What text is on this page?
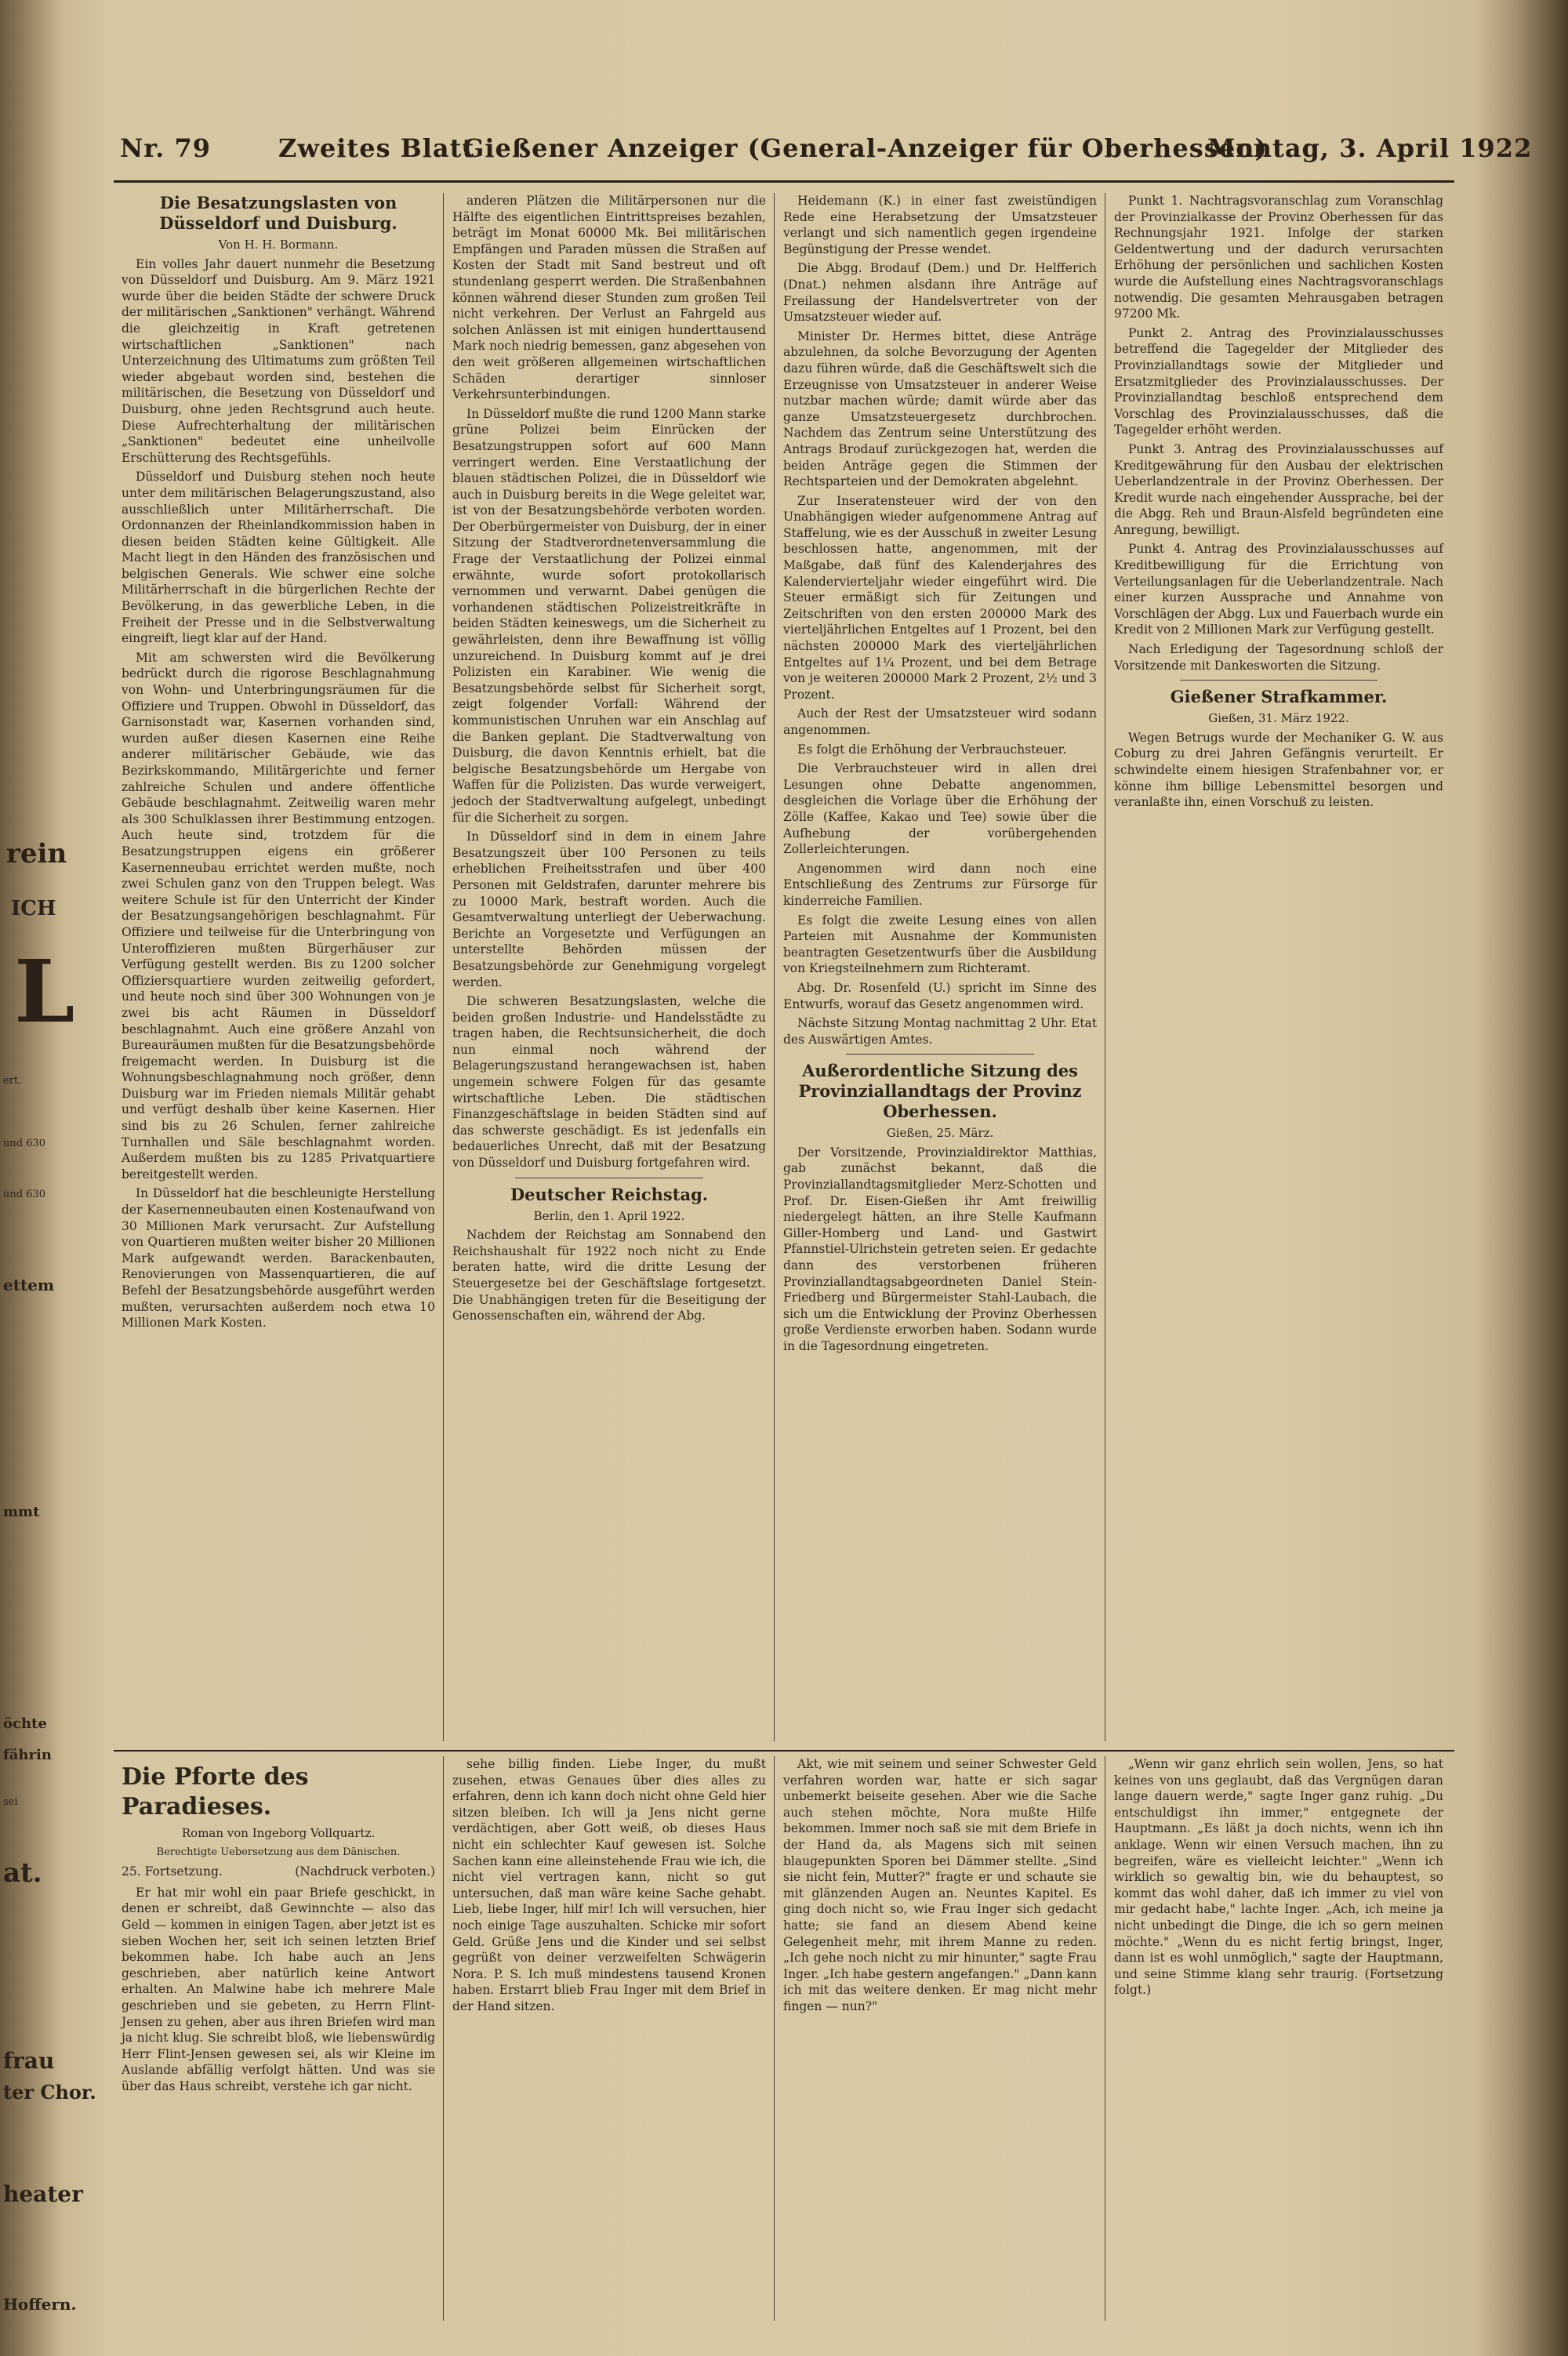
rein
ICH
L
ert.
und 630
und 630
ettem
mmt
öchte
fährin
sei
at.
frau
ter Chor.
heater
Hoffern.
Nr. 79	Zweites Blatt
Gießener Anzeiger (General-Anzeiger für Oberhessen)
Montag, 3. April 1922

Die Besatzungslasten von Düsseldorf und Duisburg.

Von H. H. Bormann.

Ein volles Jahr dauert nunmehr die Besetzung von Düsseldorf und Duisburg. Am 9. März 1921 wurde über die beiden Städte der schwere Druck der militärischen „Sanktionen" verhängt. Während die gleichzeitig in Kraft getretenen wirtschaftlichen „Sanktionen" nach Unterzeichnung des Ultimatums zum größten Teil wieder abgebaut worden sind, bestehen die militärischen, die Besetzung von Düsseldorf und Duisburg, ohne jeden Rechtsgrund auch heute. Diese Aufrechterhaltung der militärischen „Sanktionen" bedeutet eine unheilvolle Erschütterung des Rechtsgefühls.

Düsseldorf und Duisburg stehen noch heute unter dem militärischen Belagerungszustand, also ausschließlich unter Militärherrschaft. Die Ordonnanzen der Rheinlandkommission haben in diesen beiden Städten keine Gültigkeit. Alle Macht liegt in den Händen des französischen und belgischen Generals. Wie schwer eine solche Militärherrschaft in die bürgerlichen Rechte der Bevölkerung, in das gewerbliche Leben, in die Freiheit der Presse und in die Selbstverwaltung eingreift, liegt klar auf der Hand.

Mit am schwersten wird die Bevölkerung bedrückt durch die rigorose Beschlagnahmung von Wohn- und Unterbringungsräumen für die Offiziere und Truppen. Obwohl in Düsseldorf, das Garnisonstadt war, Kasernen vorhanden sind, wurden außer diesen Kasernen eine Reihe anderer militärischer Gebäude, wie das Bezirkskommando, Militärgerichte und ferner zahlreiche Schulen und andere öffentliche Gebäude beschlagnahmt. Zeitweilig waren mehr als 300 Schulklassen ihrer Bestimmung entzogen. Auch heute sind, trotzdem für die Besatzungstruppen eigens ein größerer Kasernenneubau errichtet werden mußte, noch zwei Schulen ganz von den Truppen belegt. Was weitere Schule ist für den Unterricht der Kinder der Besatzungsangehörigen beschlagnahmt. Für Offiziere und teilweise für die Unterbringung von Unteroffizieren mußten Bürgerhäuser zur Verfügung gestellt werden. Bis zu 1200 solcher Offiziersquartiere wurden zeitweilig gefordert, und heute noch sind über 300 Wohnungen von je zwei bis acht Räumen in Düsseldorf beschlagnahmt. Auch eine größere Anzahl von Bureauräumen mußten für die Besatzungsbehörde freigemacht werden. In Duisburg ist die Wohnungsbeschlagnahmung noch größer, denn Duisburg war im Frieden niemals Militär gehabt und verfügt deshalb über keine Kasernen. Hier sind bis zu 26 Schulen, ferner zahlreiche Turnhallen und Säle beschlagnahmt worden. Außerdem mußten bis zu 1285 Privatquartiere bereitgestellt werden.

In Düsseldorf hat die beschleunigte Herstellung der Kasernenneubauten einen Kostenaufwand von 30 Millionen Mark verursacht. Zur Aufstellung von Quartieren mußten weiter bisher 20 Millionen Mark aufgewandt werden. Barackenbauten, Renovierungen von Massenquartieren, die auf Befehl der Besatzungsbehörde ausgeführt werden mußten, verursachten außerdem noch etwa 10 Millionen Mark Kosten.

anderen Plätzen die Militärpersonen nur die Hälfte des eigentlichen Eintrittspreises bezahlen, beträgt im Monat 60000 Mk. Bei militärischen Empfängen und Paraden müssen die Straßen auf Kosten der Stadt mit Sand bestreut und oft stundenlang gesperrt werden. Die Straßenbahnen können während dieser Stunden zum großen Teil nicht verkehren. Der Verlust an Fahrgeld aus solchen Anlässen ist mit einigen hunderttausend Mark noch niedrig bemessen, ganz abgesehen von den weit größeren allgemeinen wirtschaftlichen Schäden derartiger sinnloser Verkehrsunterbindungen.

In Düsseldorf mußte die rund 1200 Mann starke grüne Polizei beim Einrücken der Besatzungstruppen sofort auf 600 Mann verringert werden. Eine Verstaatlichung der blauen städtischen Polizei, die in Düsseldorf wie auch in Duisburg bereits in die Wege geleitet war, ist von der Besatzungsbehörde verboten worden. Der Oberbürgermeister von Duisburg, der in einer Sitzung der Stadtverordnetenversammlung die Frage der Verstaatlichung der Polizei einmal erwähnte, wurde sofort protokollarisch vernommen und verwarnt. Dabei genügen die vorhandenen städtischen Polizeistreitkräfte in beiden Städten keineswegs, um die Sicherheit zu gewährleisten, denn ihre Bewaffnung ist völlig unzureichend. In Duisburg kommt auf je drei Polizisten ein Karabiner. Wie wenig die Besatzungsbehörde selbst für Sicherheit sorgt, zeigt folgender Vorfall: Während der kommunistischen Unruhen war ein Anschlag auf die Banken geplant. Die Stadtverwaltung von Duisburg, die davon Kenntnis erhielt, bat die belgische Besatzungsbehörde um Hergabe von Waffen für die Polizisten. Das wurde verweigert, jedoch der Stadtverwaltung aufgelegt, unbedingt für die Sicherheit zu sorgen.

In Düsseldorf sind in dem in einem Jahre Besatzungszeit über 100 Personen zu teils erheblichen Freiheitsstrafen und über 400 Personen mit Geldstrafen, darunter mehrere bis zu 10000 Mark, bestraft worden. Auch die Gesamtverwaltung unterliegt der Ueberwachung. Berichte an Vorgesetzte und Verfügungen an unterstellte Behörden müssen der Besatzungsbehörde zur Genehmigung vorgelegt werden.

Die schweren Besatzungslasten, welche die beiden großen Industrie- und Handelsstädte zu tragen haben, die Rechtsunsicherheit, die doch nun einmal noch während der Belagerungszustand herangewachsen ist, haben ungemein schwere Folgen für das gesamte wirtschaftliche Leben. Die städtischen Finanzgeschäftslage in beiden Städten sind auf das schwerste geschädigt. Es ist jedenfalls ein bedauerliches Unrecht, daß mit der Besatzung von Düsseldorf und Duisburg fortgefahren wird.

Deutscher Reichstag.

Berlin, den 1. April 1922.

Nachdem der Reichstag am Sonnabend den Reichshaushalt für 1922 noch nicht zu Ende beraten hatte, wird die dritte Lesung der Steuergesetze bei der Geschäftslage fortgesetzt. Die Unabhängigen treten für die Beseitigung der Genossenschaften ein, während der Abg.

Heidemann (K.) in einer fast zweistündigen Rede eine Herabsetzung der Umsatzsteuer verlangt und sich namentlich gegen irgendeine Begünstigung der Presse wendet.

Die Abgg. Brodauf (Dem.) und Dr. Helfferich (Dnat.) nehmen alsdann ihre Anträge auf Freilassung der Handelsvertreter von der Umsatzsteuer wieder auf.

Minister Dr. Hermes bittet, diese Anträge abzulehnen, da solche Bevorzugung der Agenten dazu führen würde, daß die Geschäftswelt sich die Erzeugnisse von Umsatzsteuer in anderer Weise nutzbar machen würde; damit würde aber das ganze Umsatzsteuergesetz durchbrochen. Nachdem das Zentrum seine Unterstützung des Antrags Brodauf zurückgezogen hat, werden die beiden Anträge gegen die Stimmen der Rechtsparteien und der Demokraten abgelehnt.

Zur Inseratensteuer wird der von den Unabhängigen wieder aufgenommene Antrag auf Staffelung, wie es der Ausschuß in zweiter Lesung beschlossen hatte, angenommen, mit der Maßgabe, daß fünf des Kalenderjahres des Kalendervierteljahr wieder eingeführt wird. Die Steuer ermäßigt sich für Zeitungen und Zeitschriften von den ersten 200000 Mark des vierteljährlichen Entgeltes auf 1 Prozent, bei den nächsten 200000 Mark des vierteljährlichen Entgeltes auf 1¼ Prozent, und bei dem Betrage von je weiteren 200000 Mark 2 Prozent, 2½ und 3 Prozent.

Auch der Rest der Umsatzsteuer wird sodann angenommen.

Es folgt die Erhöhung der Verbrauchsteuer.

Die Verbrauchsteuer wird in allen drei Lesungen ohne Debatte angenommen, desgleichen die Vorlage über die Erhöhung der Zölle (Kaffee, Kakao und Tee) sowie über die Aufhebung der vorübergehenden Zollerleichterungen.

Angenommen wird dann noch eine Entschließung des Zentrums zur Fürsorge für kinderreiche Familien.

Es folgt die zweite Lesung eines von allen Parteien mit Ausnahme der Kommunisten beantragten Gesetzentwurfs über die Ausbildung von Kriegsteilnehmern zum Richteramt.

Abg. Dr. Rosenfeld (U.) spricht im Sinne des Entwurfs, worauf das Gesetz angenommen wird.

Nächste Sitzung Montag nachmittag 2 Uhr. Etat des Auswärtigen Amtes.

Außerordentliche Sitzung des Provinziallandtags der Provinz Oberhessen.

Gießen, 25. März.

Der Vorsitzende, Provinzialdirektor Matthias, gab zunächst bekannt, daß die Provinziallandtagsmitglieder Merz-Schotten und Prof. Dr. Eisen-Gießen ihr Amt freiwillig niedergelegt hätten, an ihre Stelle Kaufmann Giller-Homberg und Land- und Gastwirt Pfannstiel-Ulrichstein getreten seien. Er gedachte dann des verstorbenen früheren Provinziallandtagsabgeordneten Daniel Stein-Friedberg und Bürgermeister Stahl-Laubach, die sich um die Entwicklung der Provinz Oberhessen große Verdienste erworben haben. Sodann wurde in die Tagesordnung eingetreten.

Punkt 1. Nachtragsvoranschlag zum Voranschlag der Provinzialkasse der Provinz Oberhessen für das Rechnungsjahr 1921. Infolge der starken Geldentwertung und der dadurch verursachten Erhöhung der persönlichen und sachlichen Kosten wurde die Aufstellung eines Nachtragsvoranschlags notwendig. Die gesamten Mehrausgaben betragen 97200 Mk.

Punkt 2. Antrag des Provinzialausschusses betreffend die Tagegelder der Mitglieder des Provinziallandtags sowie der Mitglieder und Ersatzmitglieder des Provinzialausschusses. Der Provinziallandtag beschloß entsprechend dem Vorschlag des Provinzialausschusses, daß die Tagegelder erhöht werden.

Punkt 3. Antrag des Provinzialausschusses auf Kreditgewährung für den Ausbau der elektrischen Ueberlandzentrale in der Provinz Oberhessen. Der Kredit wurde nach eingehender Aussprache, bei der die Abgg. Reh und Braun-Alsfeld begründeten eine Anregung, bewilligt.

Punkt 4. Antrag des Provinzialausschusses auf Kreditbewilligung für die Errichtung von Verteilungsanlagen für die Ueberlandzentrale. Nach einer kurzen Aussprache und Annahme von Vorschlägen der Abgg. Lux und Fauerbach wurde ein Kredit von 2 Millionen Mark zur Verfügung gestellt.

Nach Erledigung der Tagesordnung schloß der Vorsitzende mit Dankesworten die Sitzung.

Gießener Strafkammer.

Gießen, 31. März 1922.

Wegen Betrugs wurde der Mechaniker G. W. aus Coburg zu drei Jahren Gefängnis verurteilt. Er schwindelte einem hiesigen Strafenbahner vor, er könne ihm billige Lebensmittel besorgen und veranlaßte ihn, einen Vorschuß zu leisten.

Die Pforte des Paradieses.

Roman von Ingeborg Vollquartz.

Berechtigte Uebersetzung aus dem Dänischen.

25. Fortsetzung.	(Nachdruck verboten.)

Er hat mir wohl ein paar Briefe geschickt, in denen er schreibt, daß Gewinnchte — also das Geld — kommen in einigen Tagen, aber jetzt ist es sieben Wochen her, seit ich seinen letzten Brief bekommen habe. Ich habe auch an Jens geschrieben, aber natürlich keine Antwort erhalten. An Malwine habe ich mehrere Male geschrieben und sie gebeten, zu Herrn Flint-Jensen zu gehen, aber aus ihren Briefen wird man ja nicht klug. Sie schreibt bloß, wie liebenswürdig Herr Flint-Jensen gewesen sei, als wir Kleine im Auslande abfällig verfolgt hätten. Und was sie über das Haus schreibt, verstehe ich gar nicht.

sehe billig finden. Liebe Inger, du mußt zusehen, etwas Genaues über dies alles zu erfahren, denn ich kann doch nicht ohne Geld hier sitzen bleiben. Ich will ja Jens nicht gerne verdächtigen, aber Gott weiß, ob dieses Haus nicht ein schlechter Kauf gewesen ist. Solche Sachen kann eine alleinstehende Frau wie ich, die nicht viel vertragen kann, nicht so gut untersuchen, daß man wäre keine Sache gehabt. Lieb, liebe Inger, hilf mir! Ich will versuchen, hier noch einige Tage auszuhalten. Schicke mir sofort Geld. Grüße Jens und die Kinder und sei selbst gegrüßt von deiner verzweifelten Schwägerin Nora. P. S. Ich muß mindestens tausend Kronen haben. Erstarrt blieb Frau Inger mit dem Brief in der Hand sitzen.

Akt, wie mit seinem und seiner Schwester Geld verfahren worden war, hatte er sich sagar unbemerkt beiseite gesehen. Aber wie die Sache auch stehen möchte, Nora mußte Hilfe bekommen. Immer noch saß sie mit dem Briefe in der Hand da, als Magens sich mit seinen blaugepunkten Sporen bei Dämmer stellte. „Sind sie nicht fein, Mutter?" fragte er und schaute sie mit glänzenden Augen an. Neuntes Kapitel. Es ging doch nicht so, wie Frau Inger sich gedacht hatte; sie fand an diesem Abend keine Gelegenheit mehr, mit ihrem Manne zu reden. „Ich gehe noch nicht zu mir hinunter," sagte Frau Inger. „Ich habe gestern angefangen." „Dann kann ich mit das weitere denken. Er mag nicht mehr fingen — nun?"

„Wenn wir ganz ehrlich sein wollen, Jens, so hat keines von uns geglaubt, daß das Vergnügen daran lange dauern werde," sagte Inger ganz ruhig. „Du entschuldigst ihn immer," entgegnete der Hauptmann. „Es läßt ja doch nichts, wenn ich ihn anklage. Wenn wir einen Versuch machen, ihn zu begreifen, wäre es vielleicht leichter." „Wenn ich wirklich so gewaltig bin, wie du behauptest, so kommt das wohl daher, daß ich immer zu viel von mir gedacht habe," lachte Inger. „Ach, ich meine ja nicht unbedingt die Dinge, die ich so gern meinen möchte." „Wenn du es nicht fertig bringst, Inger, dann ist es wohl unmöglich," sagte der Hauptmann, und seine Stimme klang sehr traurig. (Fortsetzung folgt.)
